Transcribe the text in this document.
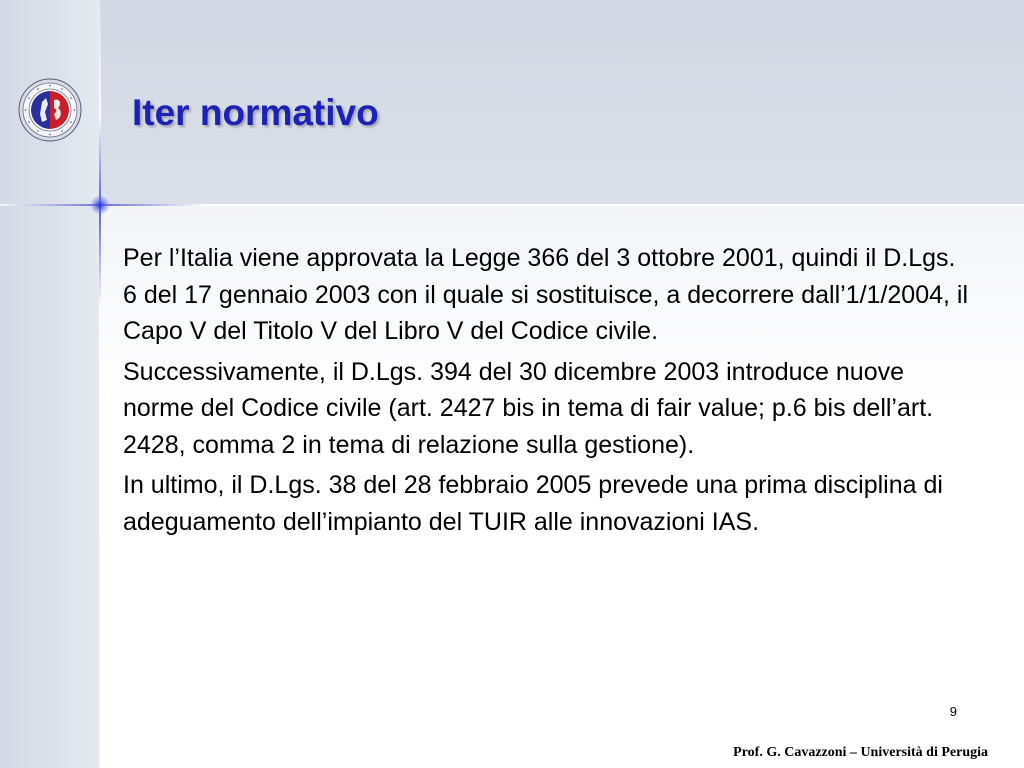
Iter normativo

Per l’Italia viene approvata la Legge 366 del 3 ottobre 2001, quindi il D.Lgs. 6 del 17 gennaio 2003 con il quale si sostituisce, a decorrere dall’1/1/2004, il Capo V del Titolo V del Libro V del Codice civile.

Successivamente, il D.Lgs. 394 del 30 dicembre 2003 introduce nuove norme del Codice civile (art. 2427 bis in tema di fair value; p.6 bis dell’art. 2428, comma 2 in tema di relazione sulla gestione).

In ultimo, il D.Lgs. 38 del 28 febbraio 2005 prevede una prima disciplina di adeguamento dell’impianto del TUIR alle innovazioni IAS.

9
Prof. G. Cavazzoni – Università di Perugia
